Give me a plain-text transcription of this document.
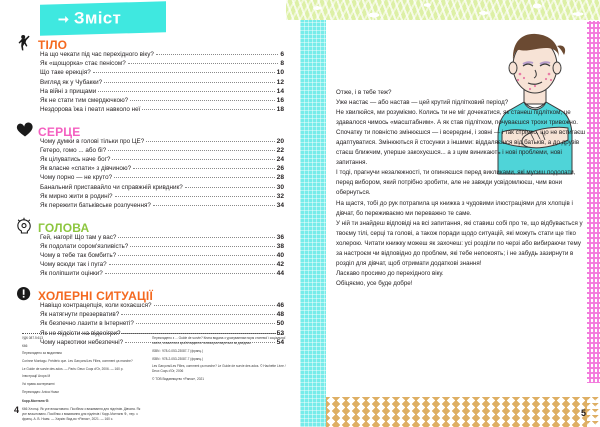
➞ Зміст
ТІЛО
На що чекати під час перехідного віку?	6
Як «щощорка» стає пенісом?	8
Що таке ерекція?	10
Вигляд як у Чубакки?	12
На війні з прищами	14
Як не стати тим смердючкою?	16
Нездорова їжа і пеатл навколо неї	18
СЕРЦЕ
Чому думки в голові тільки про ЦЕ?	20
Гетеро, гомо ... або бі?	22
Як цілуватись наче бог?	24
Як власне «спати» з дівчиною?	26
Чому порно — не круто?	28
Банальний приставайло чи справжній кривдник?	30
Як мирно жити в родині?	32
Як пережити батьківське розлучення?	34
ГОЛОВА
Гей, нагорі! Що там у вас?	36
Як подолати сором'язливість?	38
Чому в тебе так бомбить?	40
Чому всюди так і пуга?	42
Як поліпшити оцінки?	44
ХОЛЕРНІ СИТУАЦІЇ
Навіщо контрацепція, коли кохаєшся?	46
Як натягнути презерватив?	48
Як безпечно лазити в Інтернеті?	50
Як не підсісти на відеоігри?	52
Чому наркотики небезпечні?	54

УДК 087.5:613

К66

Перекладено за виданням:

Corinne Montagu. Frédéric que. Les Garçons/Les Filles, comment ça marche?

Le Guide de survie des ados. — Paris: Deux Coqs d'Or, 2006. — 160 p.

Ілюстрації Агора М

Усі права застережені

Перекладач: Аліса Ноам

Корр-Монтагю Ф.

К66 Хлопці. Як усе влаштовано. Посібник з виживання для підлітків. Дівчата. Як усе влаштовано. Посібник з виживання для підлітків / Корр-Монтагю Ф., пер. з франц. А. В. Ноам. — Харків: Вид-во «Ранок», 2021. — 160 с.

Перекладено з ... Guide de survie? Книга видана з урахуванням норм статевої і соціальної освіти, схвалена в країні видання та використовується як довідник.

ISBN : 978-0-053-23087-7 (франц.)

ISBN : 978-2-053-23087-7 (франц.)

Les Garçons/Les Filles, comment ça marche? Le Guide de survie des ados. © Hachette Livre / Deux Coqs d'Or, 2006

© ТОВ Видавництво «Ранок», 2021

4

Отже, і в тебе теж?

Уже настає — або настав — цей крутий підлітковий період?

Не хвилюйся, ми розуміємо. Колись ти не міг дочекатися, як станеш підлітком, це здавалося чимось «масштабним». А як став підлітком, почуваєшся трохи тривожно. Спочатку ти повністю змінюєшся — і всередині, і зовні — і так стрімко, що не встигаєш адаптуватися. Змінюються й стосунки з іншими: віддаляєшся від батьків, а до друзів стаєш ближчим, уперше закохуєшся... а з цим виникають і нові проблеми, нові запитання.

І тоді, прагнучи незалежності, ти опиняєшся перед викликами, які мусиш подолати, перед вибором, який потрібно зробити, але не завжди усвідомлюєш, чим вони обернуться.

На щастя, тобі до рук потрапила ця книжка з чудовими ілюстраціями для хлопців і дівчат, бо переживаємо ми переважно те саме.

У ній ти знайдеш відповіді на всі запитання, які ставиш собі про те, що відбувається у твоєму тілі, серці та голові, а також поради щодо ситуацій, які можуть стати ще тіко холерою. Читати книжку можеш як захочеш: усі розділи по черзі або вибираючи тему за настроєм чи відповідно до проблем, які тебе непокоять; і не забудь зазирнути в розділ для дівчат, щоб отримати додаткові знання!

Ласкаво просимо до перехідного віку.

Обіцяємо, усе буде добре!

5
